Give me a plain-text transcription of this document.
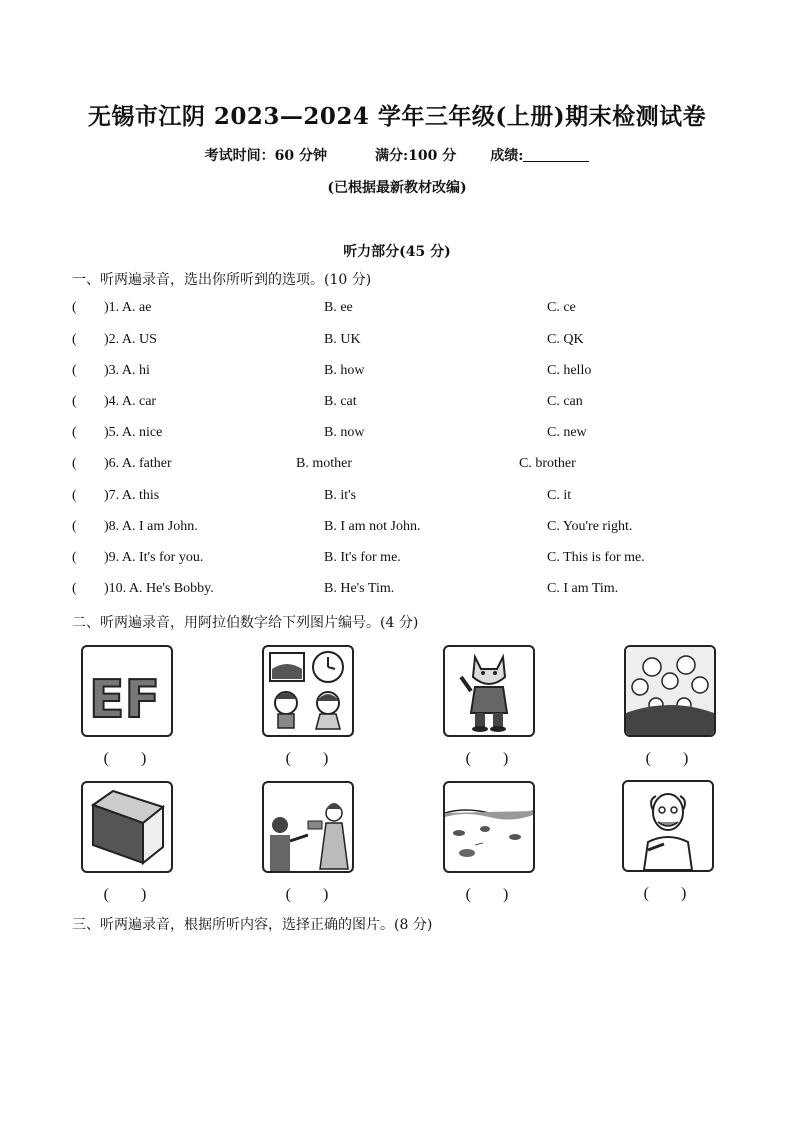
无锡市江阴 2023—2024 学年三年级(上册)期末检测试卷
考试时间：60 分钟	满分:100 分 成绩:
(已根据最新教材改编)
听力部分(45 分)
一、听两遍录音，选出你所听到的选项。(10 分)
( )1. A. ae	B. ee	C. ce
( )2. A. US	B. UK	C. QK
( )3. A. hi	B. how	C. hello
( )4. A. car	B. cat	C. can
( )5. A. nice	B. now	C. new
( )6. A. father	B. mother	C. brother
( )7. A. this	B. it's	C. it
( )8. A. I am John.	B. I am not John.	C. You're right.
( )9. A. It's for you.	B. It's for me.	C. This is for me.
( )10. A. He's Bobby.	B. He's Tim.	C. I am Tim.
二、听两遍录音，用阿拉伯数字给下列图片编号。(4 分)
EF
(　　)	(　　)	(　　)	(　　)
(　　)	(　　)	(　　)	(　　)
三、听两遍录音，根据所听内容，选择正确的图片。(8 分)
